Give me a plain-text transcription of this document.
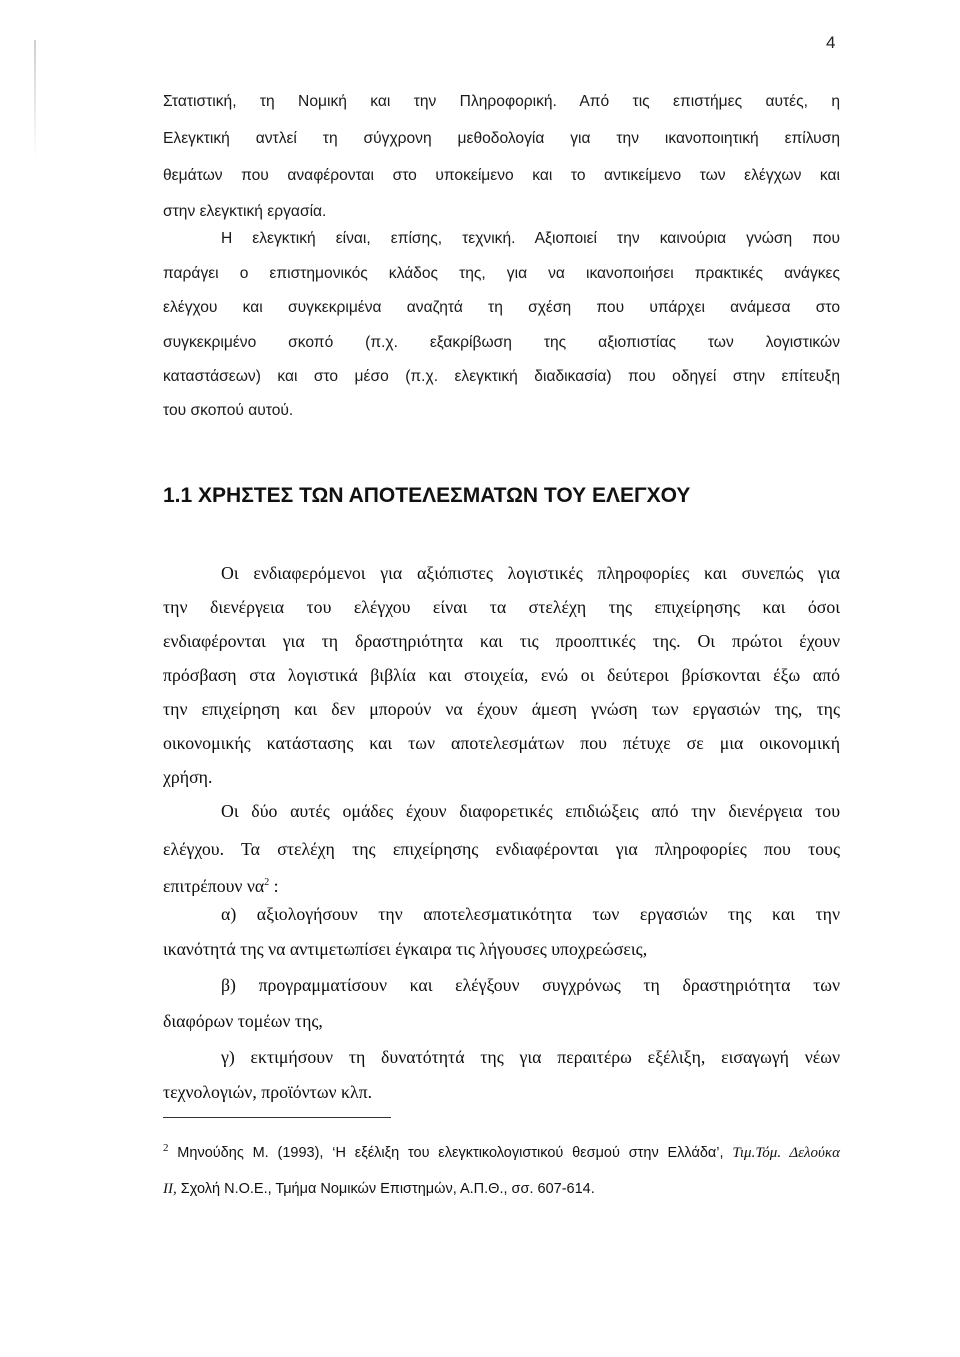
4
Στατιστική, τη Νομική και την Πληροφορική. Από τις επιστήμες αυτές, η
Ελεγκτική αντλεί τη σύγχρονη μεθοδολογία για την ικανοποιητική επίλυση
θεμάτων που αναφέρονται στο υποκείμενο και το αντικείμενο των ελέγχων και
στην ελεγκτική εργασία.
Η ελεγκτική είναι, επίσης, τεχνική. Αξιοποιεί την καινούρια γνώση που
παράγει ο επιστημονικός κλάδος της, για να ικανοποιήσει πρακτικές ανάγκες
ελέγχου και συγκεκριμένα αναζητά τη σχέση που υπάρχει ανάμεσα στο
συγκεκριμένο σκοπό (π.χ. εξακρίβωση της αξιοπιστίας των λογιστικών
καταστάσεων) και στο μέσο (π.χ. ελεγκτική διαδικασία) που οδηγεί στην επίτευξη
του σκοπού αυτού.
1.1 ΧΡΗΣΤΕΣ ΤΩΝ ΑΠΟΤΕΛΕΣΜΑΤΩΝ ΤΟΥ ΕΛΕΓΧΟΥ
Οι ενδιαφερόμενοι για αξιόπιστες λογιστικές πληροφορίες και συνεπώς για
την διενέργεια του ελέγχου είναι τα στελέχη της επιχείρησης και όσοι
ενδιαφέρονται για τη δραστηριότητα και τις προοπτικές της. Οι πρώτοι έχουν
πρόσβαση στα λογιστικά βιβλία και στοιχεία, ενώ οι δεύτεροι βρίσκονται έξω από
την επιχείρηση και δεν μπορούν να έχουν άμεση γνώση των εργασιών της, της
οικονομικής κατάστασης και των αποτελεσμάτων που πέτυχε σε μια οικονομική
χρήση.
Οι δύο αυτές ομάδες έχουν διαφορετικές επιδιώξεις από την διενέργεια του
ελέγχου. Τα στελέχη της επιχείρησης ενδιαφέρονται για πληροφορίες που τους
επιτρέπουν $\nu\alpha^2$ :
α) αξιολογήσουν την αποτελεσματικότητα των εργασιών της και την
ικανότητά της να αντιμετωπίσει έγκαιρα τις λήγουσες υποχρεώσεις,
β) προγραμματίσουν και ελέγξουν συγχρόνως τη δραστηριότητα των
διαφόρων τομέων της,
γ) εκτιμήσουν τη δυνατότητά της για περαιτέρω εξέλιξη, εισαγωγή νέων
τεχνολογιών, προϊόντων κλπ.
$^2$ Μηνούδης Μ. (1993), ‘Η εξέλιξη του ελεγκτικολογιστικού θεσμού στην Ελλάδα’, Τιμ.Τόμ. Δελούκα
ΙΙ, Σχολή Ν.Ο.Ε., Τμήμα Νομικών Επιστημών, Α.Π.Θ., σσ. 607-614.
